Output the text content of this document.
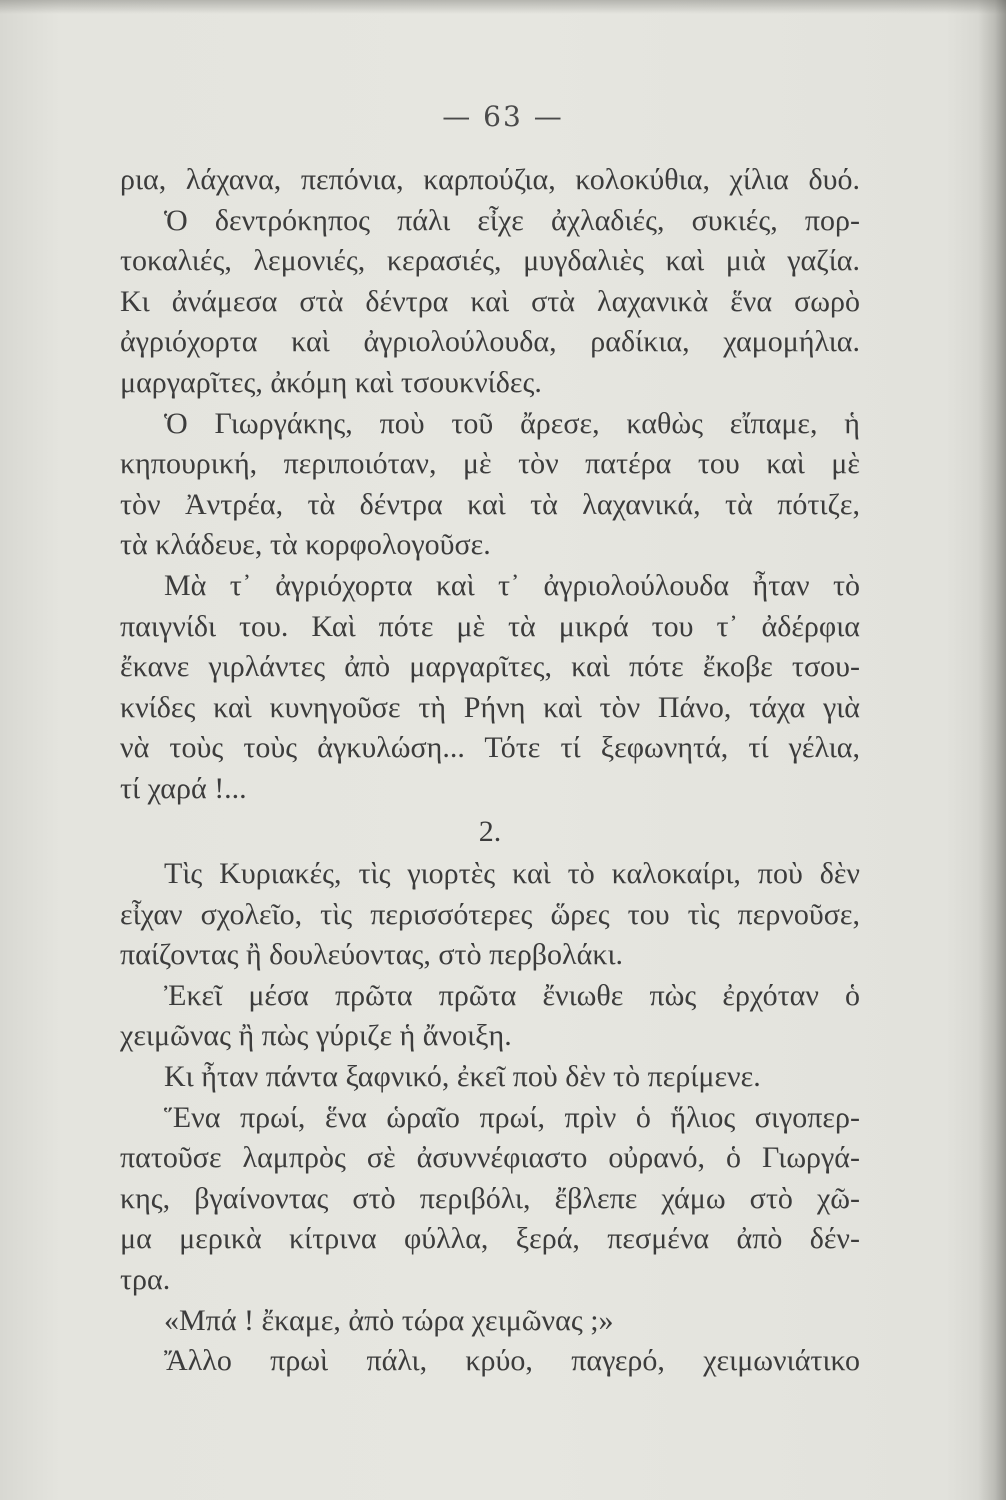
— 63 —
ρια, λάχανα, πεπόνια, καρπούζια, κολοκύθια, χίλια δυό.
Ὁ δεντρόκηπος πάλι εἶχε ἀχλαδιές, συκιές, πορ-
τοκαλιές, λεμονιές, κερασιές, μυγδαλιὲς καὶ μιὰ γαζία.
Κι ἀνάμεσα στὰ δέντρα καὶ στὰ λαχανικὰ ἕνα σωρὸ
ἀγριόχορτα καὶ ἀγριολούλουδα, ραδίκια, χαμομήλια.
μαργαρῖτες, ἀκόμη καὶ τσουκνίδες.
Ὁ Γιωργάκης, ποὺ τοῦ ἄρεσε, καθὼς εἴπαμε, ἡ
κηπουρική, περιποιόταν, μὲ τὸν πατέρα του καὶ μὲ
τὸν Ἀντρέα, τὰ δέντρα καὶ τὰ λαχανικά, τὰ πότιζε,
τὰ κλάδευε, τὰ κορφολογοῦσε.
Μὰ τ᾽ ἀγριόχορτα καὶ τ᾽ ἀγριολούλουδα ἦταν τὸ
παιγνίδι του. Καὶ πότε μὲ τὰ μικρά του τ᾽ ἀδέρφια
ἔκανε γιρλάντες ἀπὸ μαργαρῖτες, καὶ πότε ἔκοβε τσου-
κνίδες καὶ κυνηγοῦσε τὴ Ρήνη καὶ τὸν Πάνο, τάχα γιὰ
νὰ τοὺς τοὺς ἀγκυλώση... Τότε τί ξεφωνητά, τί γέλια,
τί χαρά !...
2.
Τὶς Κυριακές, τὶς γιορτὲς καὶ τὸ καλοκαίρι, ποὺ δὲν
εἶχαν σχολεῖο, τὶς περισσότερες ὥρες του τὶς περνοῦσε,
παίζοντας ἢ δουλεύοντας, στὸ περβολάκι.
Ἐκεῖ μέσα πρῶτα πρῶτα ἔνιωθε πὼς ἐρχόταν ὁ
χειμῶνας ἢ πὼς γύριζε ἡ ἄνοιξη.
Κι ἦταν πάντα ξαφνικό, ἐκεῖ ποὺ δὲν τὸ περίμενε.
Ἕνα πρωί, ἕνα ὡραῖο πρωί, πρὶν ὁ ἥλιος σιγοπερ-
πατοῦσε λαμπρὸς σὲ ἀσυννέφιαστο οὐρανό, ὁ Γιωργά-
κης, βγαίνοντας στὸ περιβόλι, ἔβλεπε χάμω στὸ χῶ-
μα μερικὰ κίτρινα φύλλα, ξερά, πεσμένα ἀπὸ δέν-
τρα.
«Μπά ! ἔκαμε, ἀπὸ τώρα χειμῶνας ;»
Ἄλλο πρωὶ πάλι, κρύο, παγερό, χειμωνιάτικο
